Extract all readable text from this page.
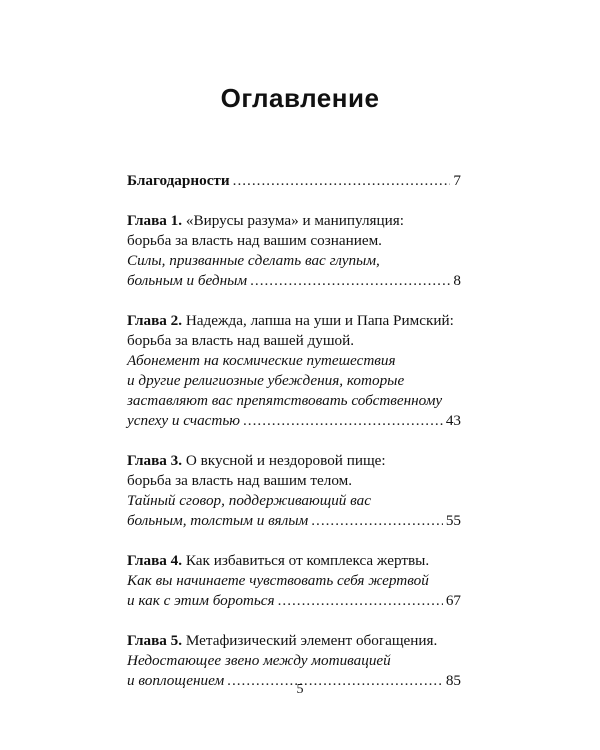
Оглавление
Благодарности .....	7
Глава 1. «Вирусы разума» и манипуляция:
борьба за власть над вашим сознанием.
Силы, призванные сделать вас глупым,
больным и бедным .....	8
Глава 2. Надежда, лапша на уши и Папа Римский:
борьба за власть над вашей душой.
Абонемент на космические путешествия
и другие религиозные убеждения, которые
заставляют вас препятствовать собственному
успеху и счастью .....	43
Глава 3. О вкусной и нездоровой пище:
борьба за власть над вашим телом.
Тайный сговор, поддерживающий вас
больным, толстым и вялым .....	55
Глава 4. Как избавиться от комплекса жертвы.
Как вы начинаете чувствовать себя жертвой
и как с этим бороться .....	67
Глава 5. Метафизический элемент обогащения.
Недостающее звено между мотивацией
и воплощением .....	85
5
